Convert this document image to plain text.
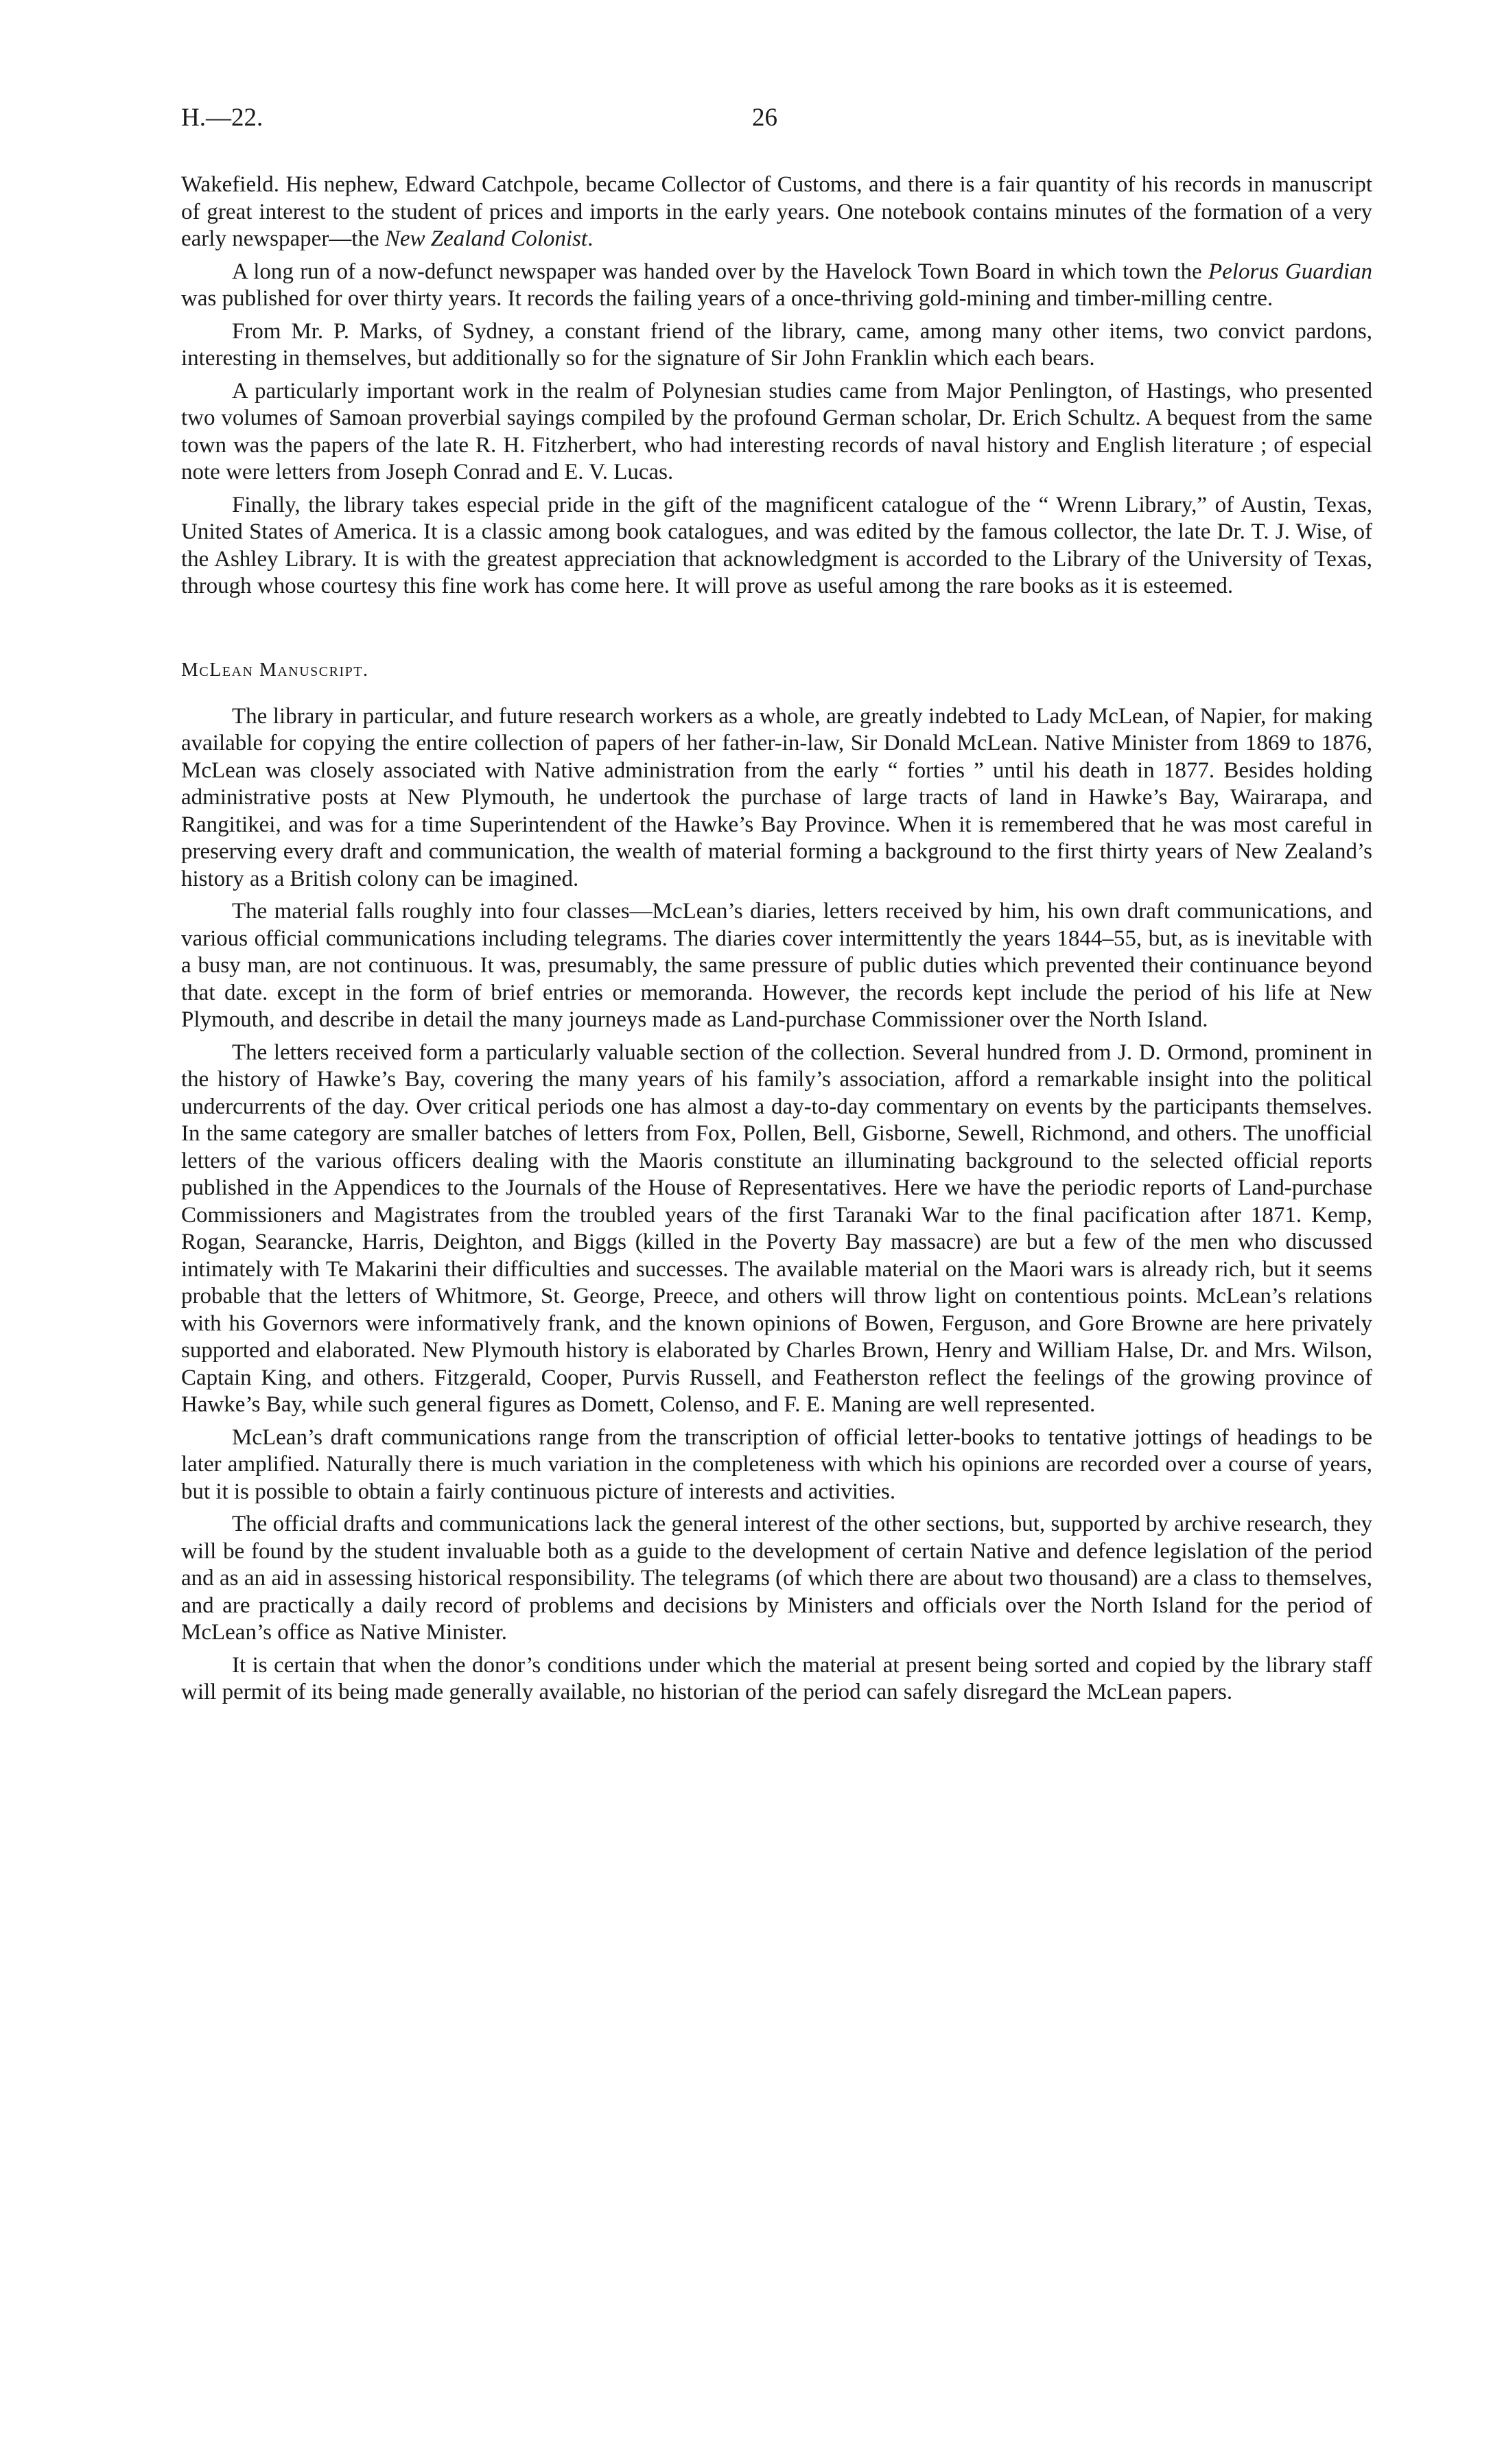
H.—22.	26

Wakefield. His nephew, Edward Catchpole, became Collector of Customs, and there is a fair quantity of his records in manuscript of great interest to the student of prices and imports in the early years. One notebook contains minutes of the formation of a very early newspaper—the New Zealand Colonist.

A long run of a now-defunct newspaper was handed over by the Havelock Town Board in which town the Pelorus Guardian was published for over thirty years. It records the failing years of a once-thriving gold-mining and timber-milling centre.

From Mr. P. Marks, of Sydney, a constant friend of the library, came, among many other items, two convict pardons, interesting in themselves, but additionally so for the signature of Sir John Franklin which each bears.

A particularly important work in the realm of Polynesian studies came from Major Penlington, of Hastings, who presented two volumes of Samoan proverbial sayings compiled by the profound German scholar, Dr. Erich Schultz. A bequest from the same town was the papers of the late R. H. Fitzherbert, who had interesting records of naval history and English literature ; of especial note were letters from Joseph Conrad and E. V. Lucas.

Finally, the library takes especial pride in the gift of the magnificent catalogue of the “ Wrenn Library,” of Austin, Texas, United States of America. It is a classic among book catalogues, and was edited by the famous collector, the late Dr. T. J. Wise, of the Ashley Library. It is with the greatest appreciation that acknowledgment is accorded to the Library of the University of Texas, through whose courtesy this fine work has come here. It will prove as useful among the rare books as it is esteemed.

McLean Manuscript.

The library in particular, and future research workers as a whole, are greatly indebted to Lady McLean, of Napier, for making available for copying the entire collection of papers of her father-in-law, Sir Donald McLean. Native Minister from 1869 to 1876, McLean was closely associated with Native administration from the early “ forties ” until his death in 1877. Besides holding administrative posts at New Plymouth, he undertook the purchase of large tracts of land in Hawke’s Bay, Wairarapa, and Rangitikei, and was for a time Superintendent of the Hawke’s Bay Province. When it is remembered that he was most careful in preserving every draft and communication, the wealth of material forming a background to the first thirty years of New Zealand’s history as a British colony can be imagined.

The material falls roughly into four classes—McLean’s diaries, letters received by him, his own draft communications, and various official communications including telegrams. The diaries cover intermittently the years 1844–55, but, as is inevitable with a busy man, are not continuous. It was, presumably, the same pressure of public duties which prevented their continuance beyond that date. except in the form of brief entries or memoranda. However, the records kept include the period of his life at New Plymouth, and describe in detail the many journeys made as Land-purchase Commissioner over the North Island.

The letters received form a particularly valuable section of the collection. Several hundred from J. D. Ormond, prominent in the history of Hawke’s Bay, covering the many years of his family’s association, afford a remarkable insight into the political undercurrents of the day. Over critical periods one has almost a day-to-day commentary on events by the participants themselves. In the same category are smaller batches of letters from Fox, Pollen, Bell, Gisborne, Sewell, Richmond, and others. The unofficial letters of the various officers dealing with the Maoris constitute an illuminating background to the selected official reports published in the Appendices to the Journals of the House of Representatives. Here we have the periodic reports of Land-purchase Commissioners and Magistrates from the troubled years of the first Taranaki War to the final pacification after 1871. Kemp, Rogan, Searancke, Harris, Deighton, and Biggs (killed in the Poverty Bay massacre) are but a few of the men who discussed intimately with Te Makarini their difficulties and successes. The available material on the Maori wars is already rich, but it seems probable that the letters of Whitmore, St. George, Preece, and others will throw light on contentious points. McLean’s relations with his Governors were informatively frank, and the known opinions of Bowen, Ferguson, and Gore Browne are here privately supported and elaborated. New Plymouth history is elaborated by Charles Brown, Henry and William Halse, Dr. and Mrs. Wilson, Captain King, and others. Fitzgerald, Cooper, Purvis Russell, and Featherston reflect the feelings of the growing province of Hawke’s Bay, while such general figures as Domett, Colenso, and F. E. Maning are well represented.

McLean’s draft communications range from the transcription of official letter-books to tentative jottings of headings to be later amplified. Naturally there is much variation in the completeness with which his opinions are recorded over a course of years, but it is possible to obtain a fairly continuous picture of interests and activities.

The official drafts and communications lack the general interest of the other sections, but, supported by archive research, they will be found by the student invaluable both as a guide to the development of certain Native and defence legislation of the period and as an aid in assessing historical responsibility. The telegrams (of which there are about two thousand) are a class to themselves, and are practically a daily record of problems and decisions by Ministers and officials over the North Island for the period of McLean’s office as Native Minister.

It is certain that when the donor’s conditions under which the material at present being sorted and copied by the library staff will permit of its being made generally available, no historian of the period can safely disregard the McLean papers.
